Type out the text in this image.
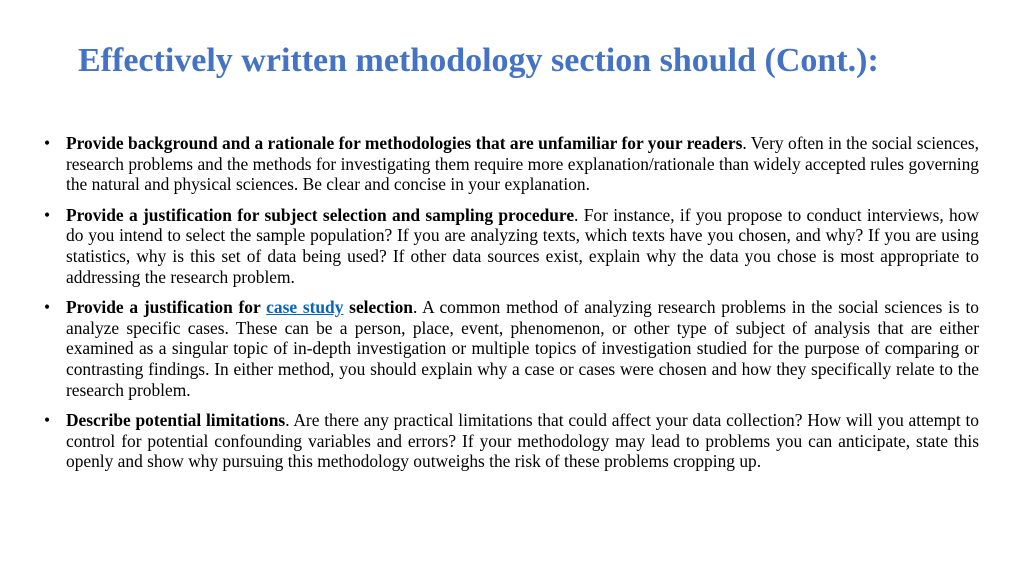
Effectively written methodology section should (Cont.):
• Provide background and a rationale for methodologies that are unfamiliar for your readers. Very often in the social sciences, research problems and the methods for investigating them require more explanation/rationale than widely accepted rules governing the natural and physical sciences. Be clear and concise in your explanation.
• Provide a justification for subject selection and sampling procedure. For instance, if you propose to conduct interviews, how do you intend to select the sample population? If you are analyzing texts, which texts have you chosen, and why? If you are using statistics, why is this set of data being used? If other data sources exist, explain why the data you chose is most appropriate to addressing the research problem.
• Provide a justification for case study selection. A common method of analyzing research problems in the social sciences is to analyze specific cases. These can be a person, place, event, phenomenon, or other type of subject of analysis that are either examined as a singular topic of in-depth investigation or multiple topics of investigation studied for the purpose of comparing or contrasting findings. In either method, you should explain why a case or cases were chosen and how they specifically relate to the research problem.
• Describe potential limitations. Are there any practical limitations that could affect your data collection? How will you attempt to control for potential confounding variables and errors? If your methodology may lead to problems you can anticipate, state this openly and show why pursuing this methodology outweighs the risk of these problems cropping up.
